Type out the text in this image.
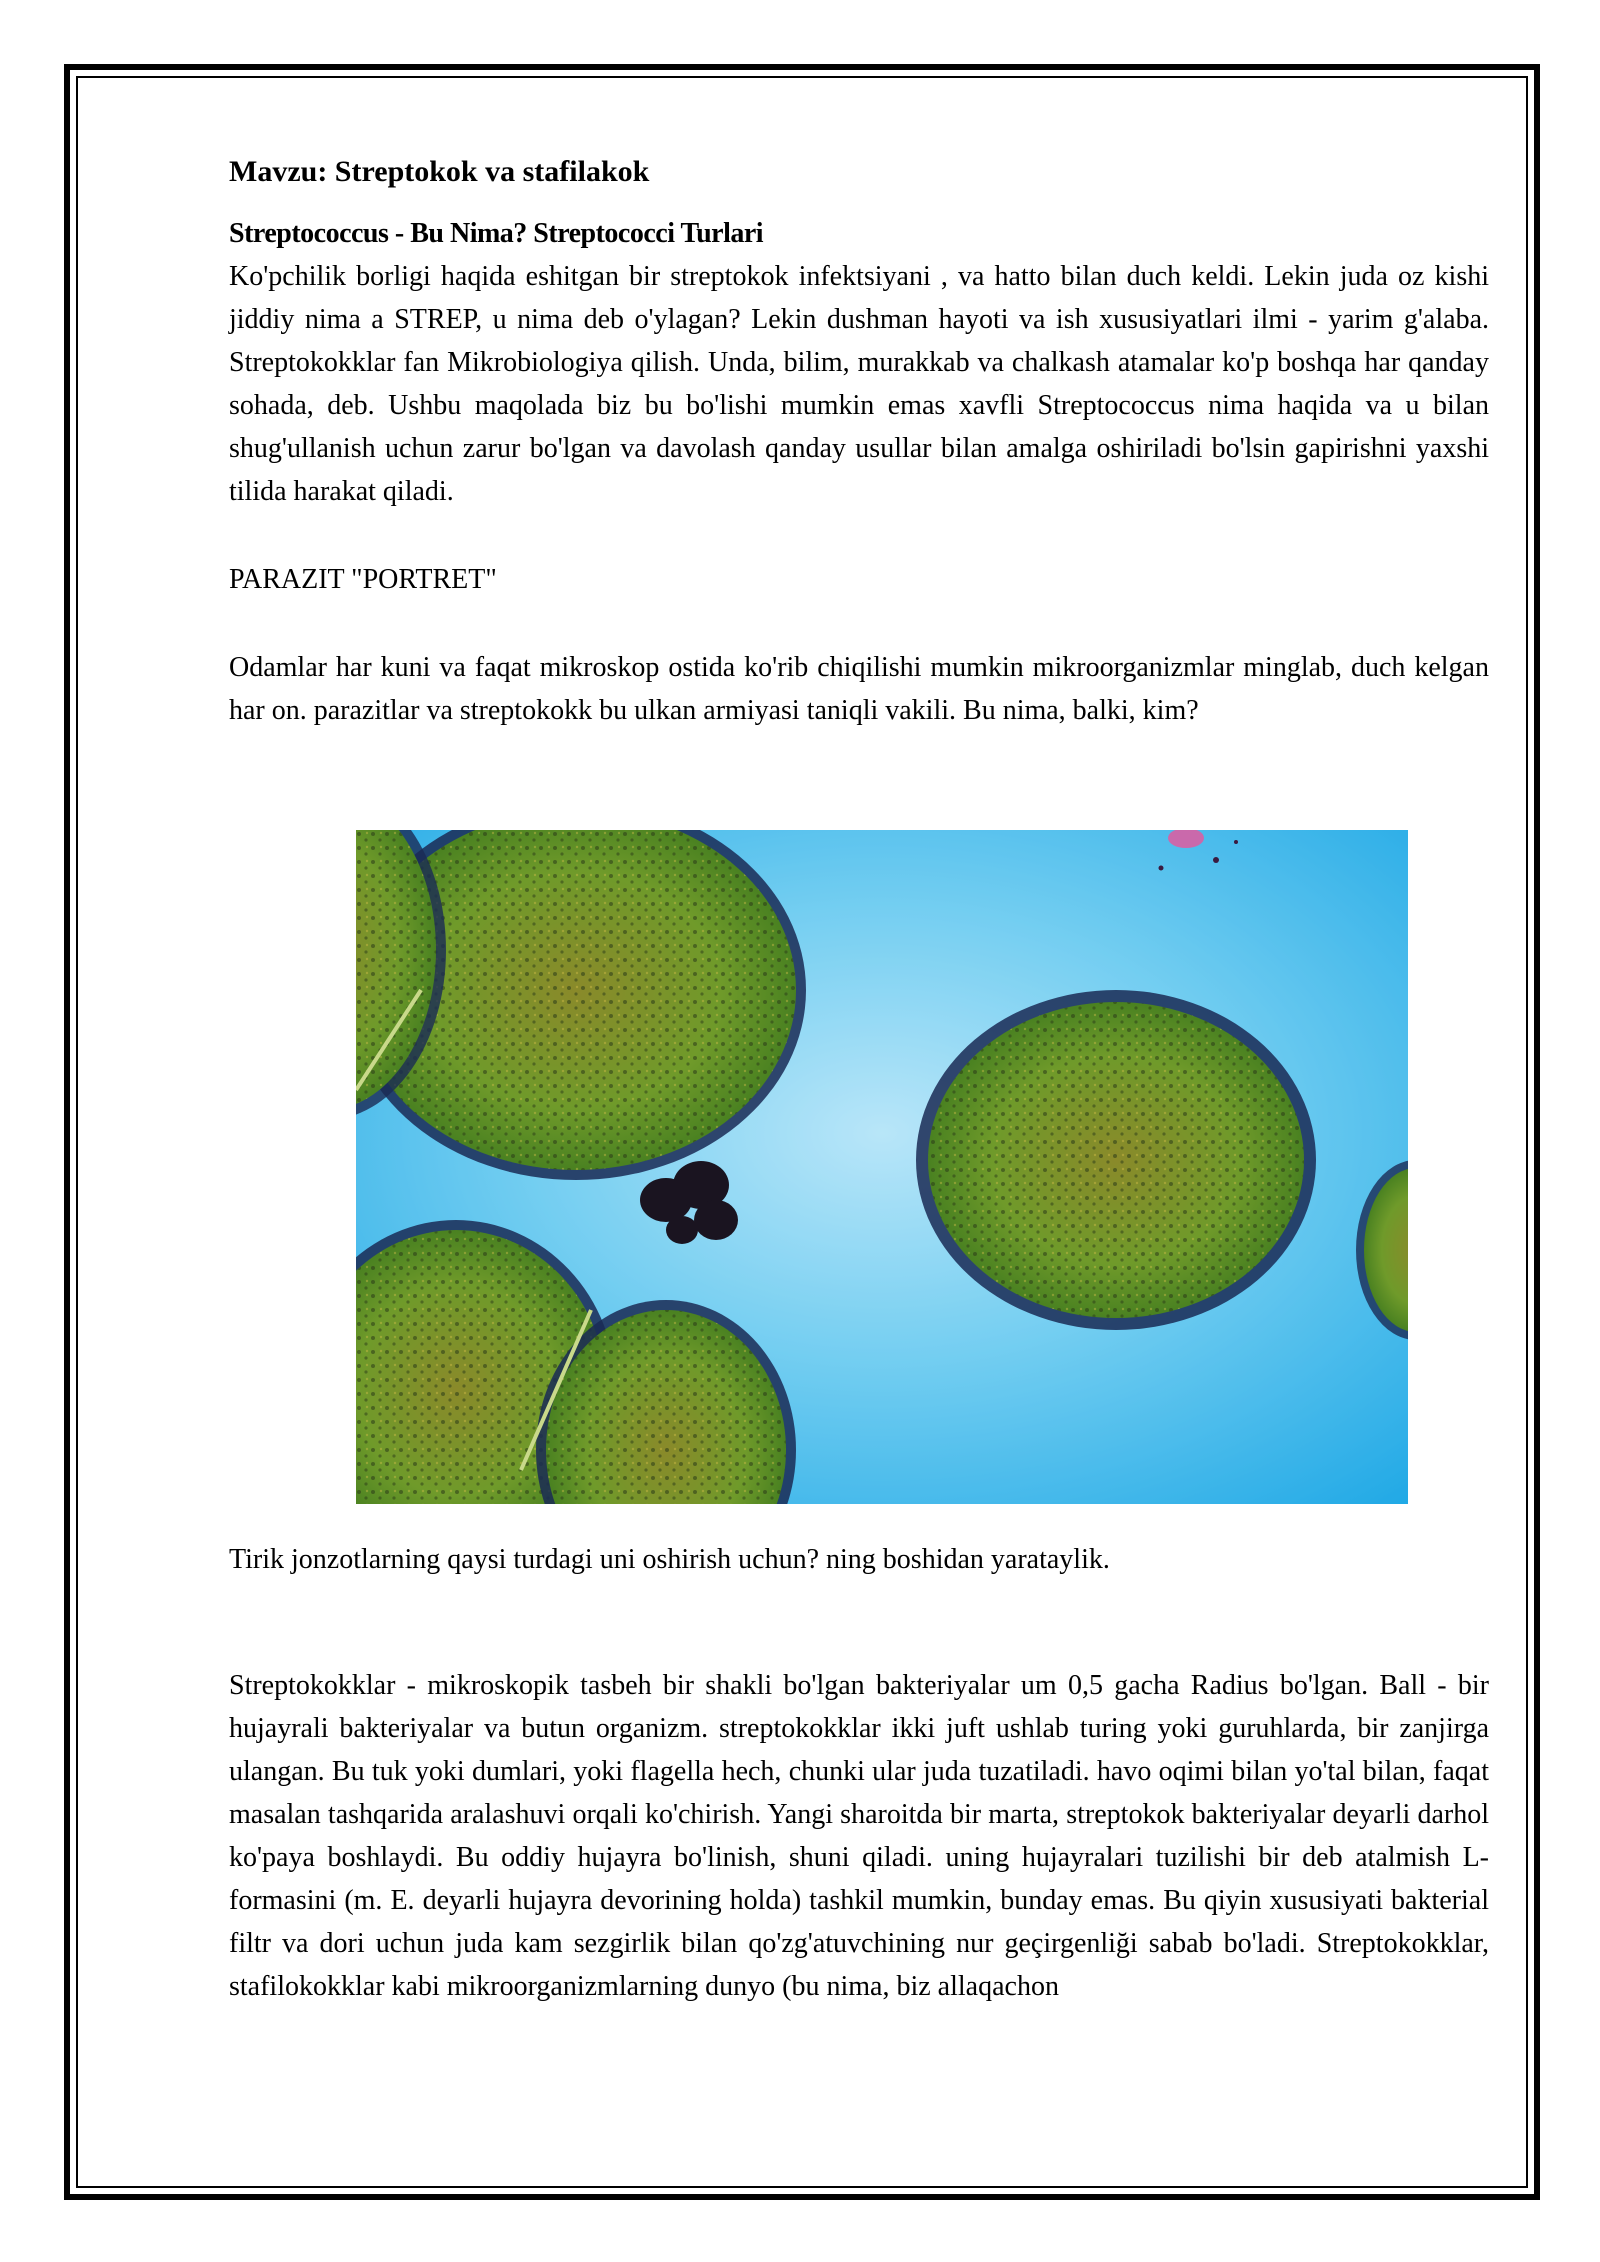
Mavzu: Streptokok va stafilakok

Streptococcus - Bu Nima? Streptococci Turlari

Ko'pchilik borligi haqida eshitgan bir streptokok infektsiyani , va hatto bilan duch keldi. Lekin juda oz kishi jiddiy nima a STREP, u nima deb o'ylagan? Lekin dushman hayoti va ish xususiyatlari ilmi - yarim g'alaba. Streptokokklar fan Mikrobiologiya qilish. Unda, bilim, murakkab va chalkash atamalar ko'p boshqa har qanday sohada, deb. Ushbu maqolada biz bu bo'lishi mumkin emas xavfli Streptococcus nima haqida va u bilan shug'ullanish uchun zarur bo'lgan va davolash qanday usullar bilan amalga oshiriladi bo'lsin gapirishni yaxshi tilida harakat qiladi.

PARAZIT "PORTRET"

Odamlar har kuni va faqat mikroskop ostida ko'rib chiqilishi mumkin mikroorganizmlar minglab, duch kelgan har on. parazitlar va streptokokk bu ulkan armiyasi taniqli vakili. Bu nima, balki, kim?

Tirik jonzotlarning qaysi turdagi uni oshirish uchun? ning boshidan yarataylik.

Streptokokklar - mikroskopik tasbeh bir shakli bo'lgan bakteriyalar um 0,5 gacha Radius bo'lgan. Ball - bir hujayrali bakteriyalar va butun organizm. streptokokklar ikki juft ushlab turing yoki guruhlarda, bir zanjirga ulangan. Bu tuk yoki dumlari, yoki flagella hech, chunki ular juda tuzatiladi. havo oqimi bilan yo'tal bilan, faqat masalan tashqarida aralashuvi orqali ko'chirish. Yangi sharoitda bir marta, streptokok bakteriyalar deyarli darhol ko'paya boshlaydi. Bu oddiy hujayra bo'linish, shuni qiladi. uning hujayralari tuzilishi bir deb atalmish L-formasini (m. E. deyarli hujayra devorining holda) tashkil mumkin, bunday emas. Bu qiyin xususiyati bakterial filtr va dori uchun juda kam sezgirlik bilan qo'zg'atuvchining nur geçirgenliği sabab bo'ladi. Streptokokklar, stafilokokklar kabi mikroorganizmlarning dunyo (bu nima, biz allaqachon
